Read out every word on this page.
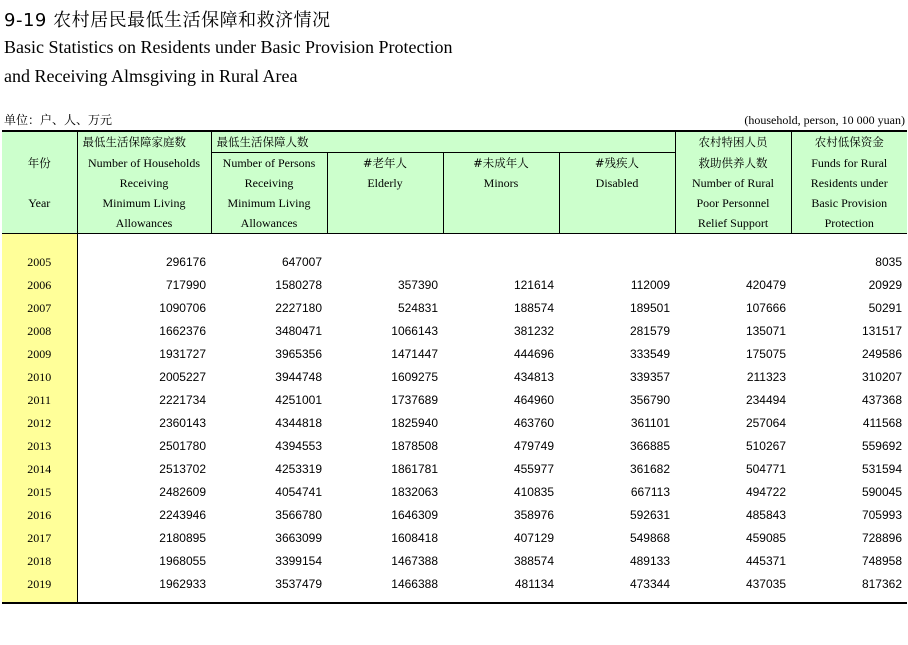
9-19 农村居民最低生活保障和救济情况
Basic Statistics on Residents under Basic Provision Protection
and Receiving Almsgiving in Rural Area
单位：户、人、万元	(household, person, 10 000 yuan)

	最低生活保障家庭数	最低生活保障人数				农村特困人员	农村低保资金

年份

Year	Number of Households
Receiving
Minimum Living
Allowances	Number of Persons
Receiving
Minimum Living
Allowances	#老年人
Elderly	#未成年人
Minors	#残疾人
Disabled	救助供养人数
Number of Rural
Poor Personnel
Relief Support	Funds for Rural
Residents under
Basic Provision
Protection

2005	296176	647007					8035
2006	717990	1580278	357390	121614	112009	420479	20929
2007	1090706	2227180	524831	188574	189501	107666	50291
2008	1662376	3480471	1066143	381232	281579	135071	131517
2009	1931727	3965356	1471447	444696	333549	175075	249586
2010	2005227	3944748	1609275	434813	339357	211323	310207
2011	2221734	4251001	1737689	464960	356790	234494	437368
2012	2360143	4344818	1825940	463760	361101	257064	411568
2013	2501780	4394553	1878508	479749	366885	510267	559692
2014	2513702	4253319	1861781	455977	361682	504771	531594
2015	2482609	4054741	1832063	410835	667113	494722	590045
2016	2243946	3566780	1646309	358976	592631	485843	705993
2017	2180895	3663099	1608418	407129	549868	459085	728896
2018	1968055	3399154	1467388	388574	489133	445371	748958
2019	1962933	3537479	1466388	481134	473344	437035	817362
